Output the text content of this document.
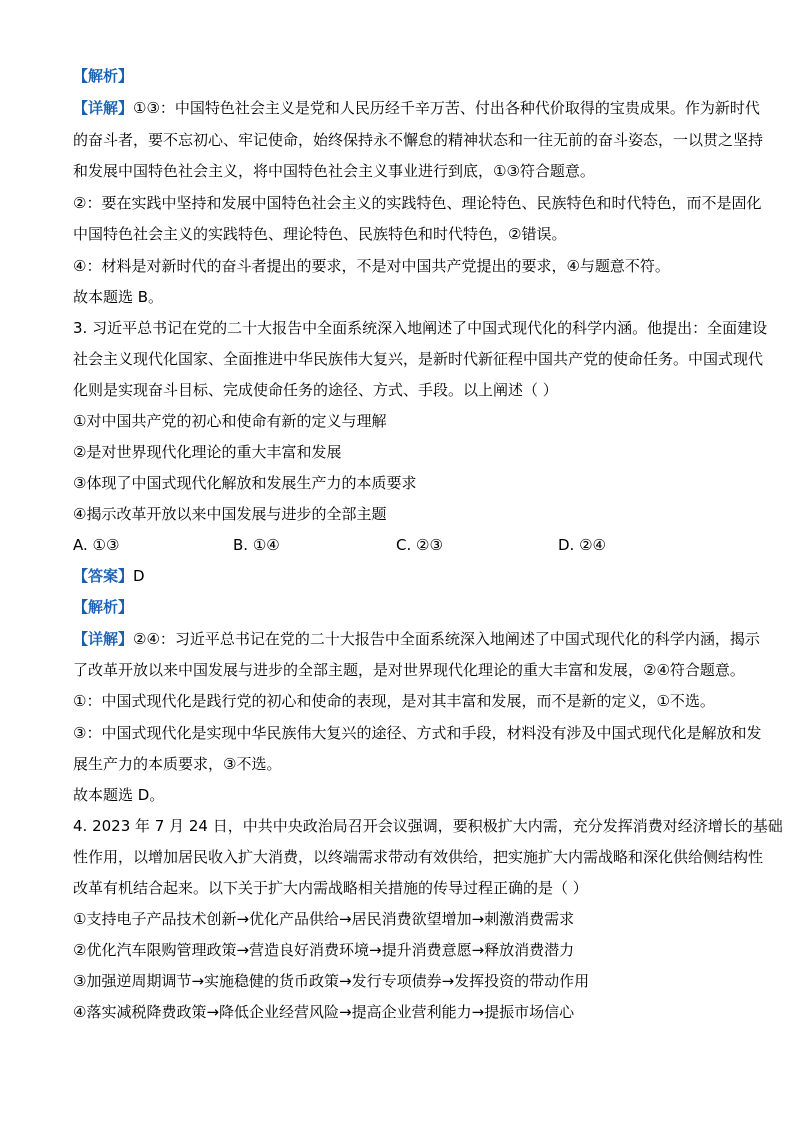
【解析】
【详解】①③：中国特色社会主义是党和人民历经千辛万苦、付出各种代价取得的宝贵成果。作为新时代
的奋斗者，要不忘初心、牢记使命，始终保持永不懈怠的精神状态和一往无前的奋斗姿态，一以贯之坚持
和发展中国特色社会主义，将中国特色社会主义事业进行到底，①③符合题意。
②：要在实践中坚持和发展中国特色社会主义的实践特色、理论特色、民族特色和时代特色，而不是固化
中国特色社会主义的实践特色、理论特色、民族特色和时代特色，②错误。
④：材料是对新时代的奋斗者提出的要求，不是对中国共产党提出的要求，④与题意不符。
故本题选 B。
3. 习近平总书记在党的二十大报告中全面系统深入地阐述了中国式现代化的科学内涵。他提出：全面建设
社会主义现代化国家、全面推进中华民族伟大复兴，是新时代新征程中国共产党的使命任务。中国式现代
化则是实现奋斗目标、完成使命任务的途径、方式、手段。以上阐述（ ）
①对中国共产党的初心和使命有新的定义与理解
②是对世界现代化理论的重大丰富和发展
③体现了中国式现代化解放和发展生产力的本质要求
④揭示改革开放以来中国发展与进步的全部主题
A. ①③	B. ①④	C. ②③	D. ②④
【答案】D
【解析】
【详解】②④：习近平总书记在党的二十大报告中全面系统深入地阐述了中国式现代化的科学内涵，揭示
了改革开放以来中国发展与进步的全部主题，是对世界现代化理论的重大丰富和发展，②④符合题意。
①：中国式现代化是践行党的初心和使命的表现，是对其丰富和发展，而不是新的定义，①不选。
③：中国式现代化是实现中华民族伟大复兴的途径、方式和手段，材料没有涉及中国式现代化是解放和发
展生产力的本质要求，③不选。
故本题选 D。
4. 2023 年 7 月 24 日，中共中央政治局召开会议强调，要积极扩大内需，充分发挥消费对经济增长的基础
性作用，以增加居民收入扩大消费，以终端需求带动有效供给，把实施扩大内需战略和深化供给侧结构性
改革有机结合起来。以下关于扩大内需战略相关措施的传导过程正确的是（ ）
①支持电子产品技术创新→优化产品供给→居民消费欲望增加→刺激消费需求
②优化汽车限购管理政策→营造良好消费环境→提升消费意愿→释放消费潜力
③加强逆周期调节→实施稳健的货币政策→发行专项债券→发挥投资的带动作用
④落实减税降费政策→降低企业经营风险→提高企业营利能力→提振市场信心
